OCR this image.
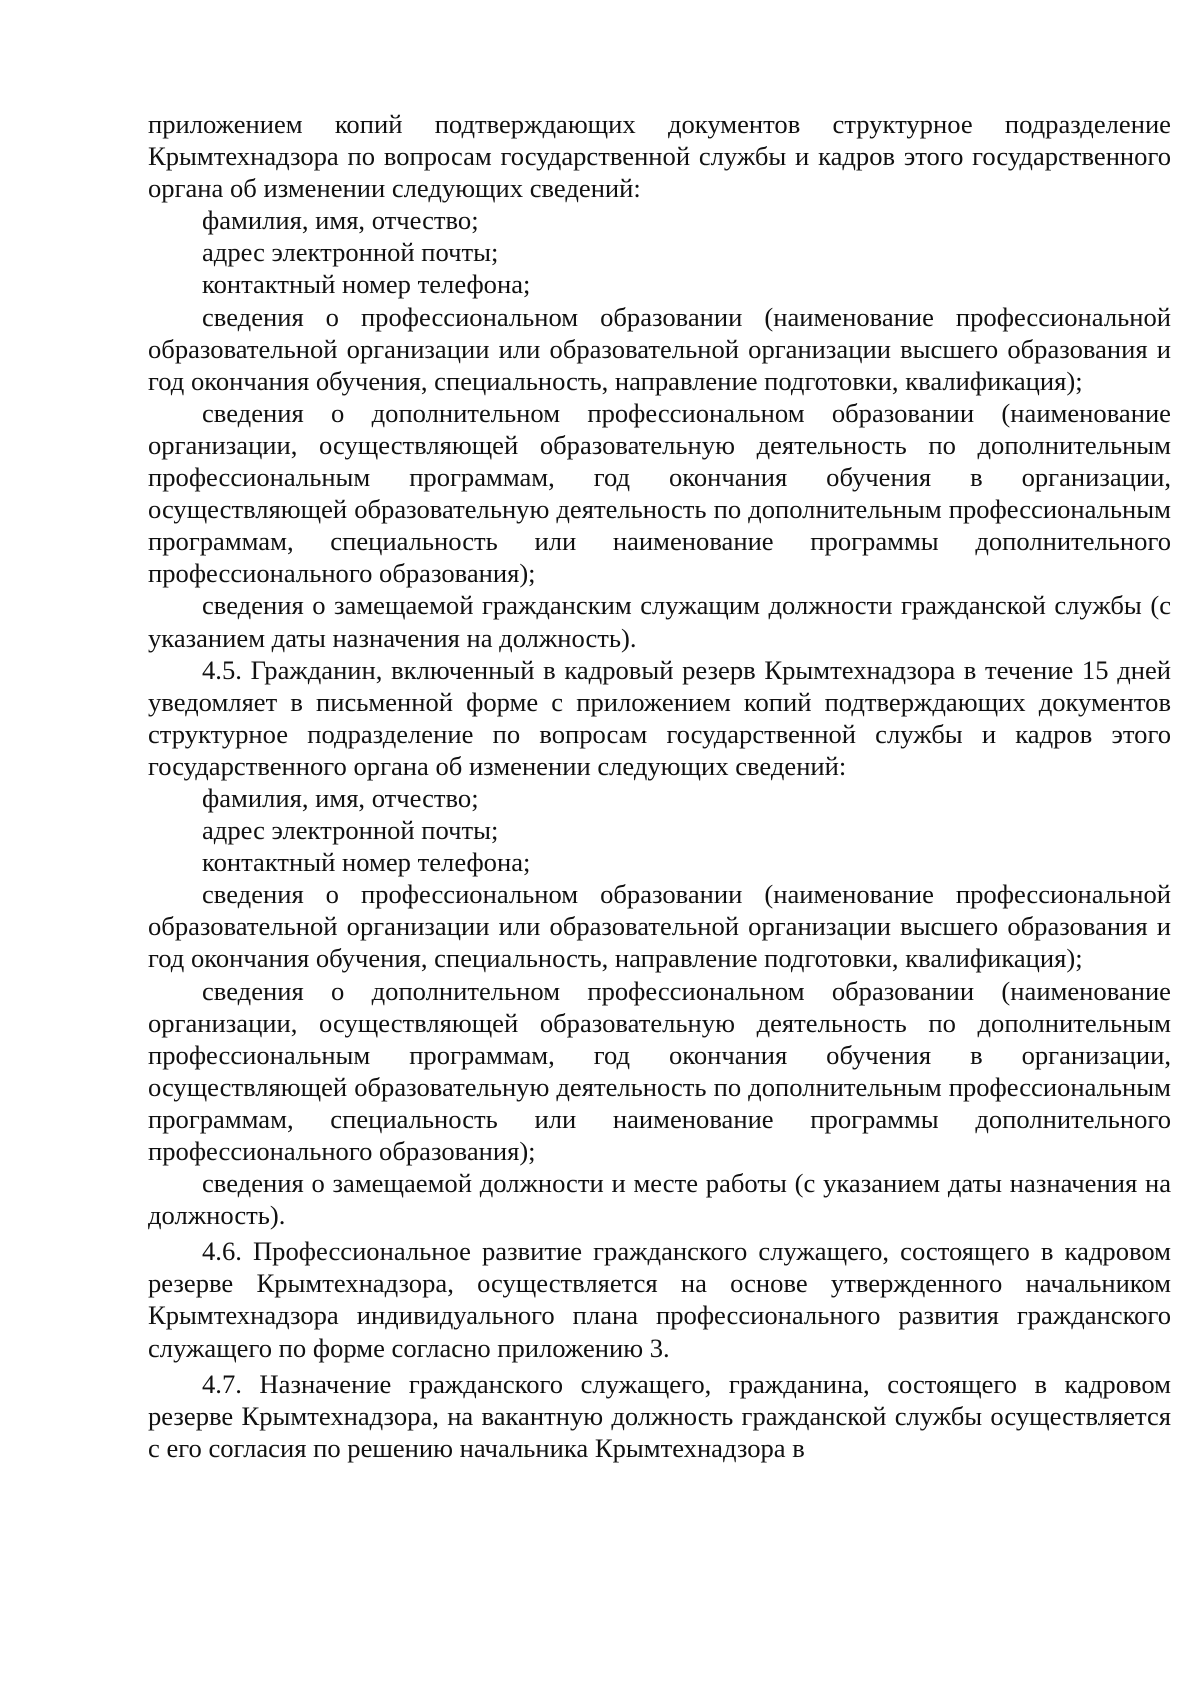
приложением копий подтверждающих документов структурное подразделение Крымтехнадзора по вопросам государственной службы и кадров этого государственного органа об изменении следующих сведений:

фамилия, имя, отчество;

адрес электронной почты;

контактный номер телефона;

сведения о профессиональном образовании (наименование профессиональной образовательной организации или образовательной организации высшего образования и год окончания обучения, специальность, направление подготовки, квалификация);

сведения о дополнительном профессиональном образовании (наименование организации, осуществляющей образовательную деятельность по дополнительным профессиональным программам, год окончания обучения в организации, осуществляющей образовательную деятельность по дополнительным профессиональным программам, специальность или наименование программы дополнительного профессионального образования);

сведения о замещаемой гражданским служащим должности гражданской службы (с указанием даты назначения на должность).

4.5. Гражданин, включенный в кадровый резерв Крымтехнадзора в течение 15 дней уведомляет в письменной форме с приложением копий подтверждающих документов структурное подразделение по вопросам государственной службы и кадров этого государственного органа об изменении следующих сведений:

фамилия, имя, отчество;

адрес электронной почты;

контактный номер телефона;

сведения о профессиональном образовании (наименование профессиональной образовательной организации или образовательной организации высшего образования и год окончания обучения, специальность, направление подготовки, квалификация);

сведения о дополнительном профессиональном образовании (наименование организации, осуществляющей образовательную деятельность по дополнительным профессиональным программам, год окончания обучения в организации, осуществляющей образовательную деятельность по дополнительным профессиональным программам, специальность или наименование программы дополнительного профессионального образования);

сведения о замещаемой должности и месте работы (с указанием даты назначения на должность).

4.6. Профессиональное развитие гражданского служащего, состоящего в кадровом резерве Крымтехнадзора, осуществляется на основе утвержденного начальником Крымтехнадзора индивидуального плана профессионального развития гражданского служащего по форме согласно приложению 3.

4.7. Назначение гражданского служащего, гражданина, состоящего в кадровом резерве Крымтехнадзора, на вакантную должность гражданской службы осуществляется с его согласия по решению начальника Крымтехнадзора в
